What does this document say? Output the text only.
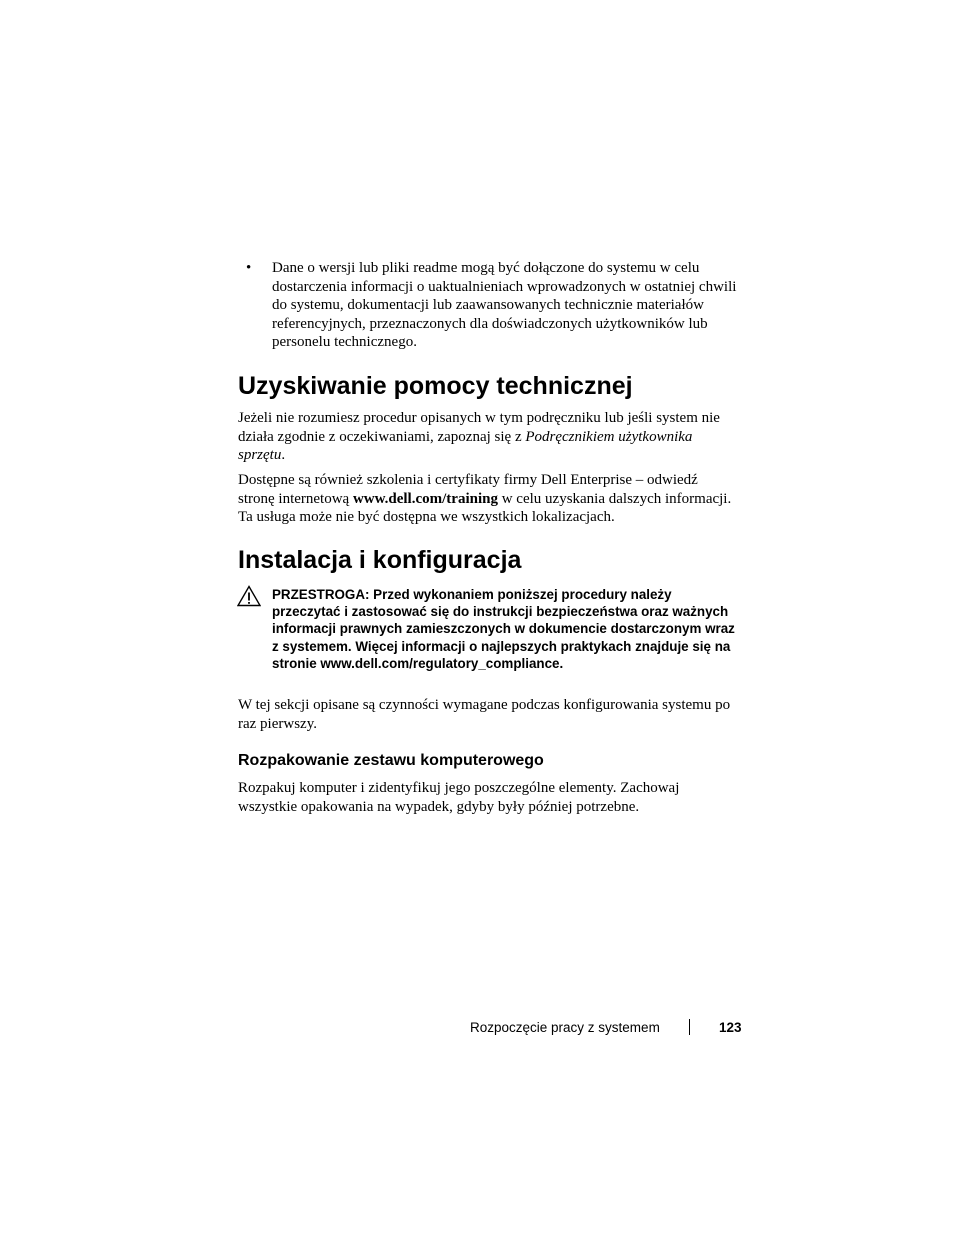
• Dane o wersji lub pliki readme mogą być dołączone do systemu w celu dostarczenia informacji o uaktualnieniach wprowadzonych w ostatniej chwili do systemu, dokumentacji lub zaawansowanych technicznie materiałów referencyjnych, przeznaczonych dla doświadczonych użytkowników lub personelu technicznego.
Uzyskiwanie pomocy technicznej

Jeżeli nie rozumiesz procedur opisanych w tym podręczniku lub jeśli system nie działa zgodnie z oczekiwaniami, zapoznaj się z Podręcznikiem użytkownika sprzętu.

Dostępne są również szkolenia i certyfikaty firmy Dell Enterprise – odwiedź stronę internetową www.dell.com/training w celu uzyskania dalszych informacji. Ta usługa może nie być dostępna we wszystkich lokalizacjach.

Instalacja i konfiguracja

PRZESTROGA: Przed wykonaniem poniższej procedury należy przeczytać i zastosować się do instrukcji bezpieczeństwa oraz ważnych informacji prawnych zamieszczonych w dokumencie dostarczonym wraz z systemem. Więcej informacji o najlepszych praktykach znajduje się na stronie www.dell.com/regulatory_compliance.

W tej sekcji opisane są czynności wymagane podczas konfigurowania systemu po raz pierwszy.

Rozpakowanie zestawu komputerowego

Rozpakuj komputer i zidentyfikuj jego poszczególne elementy. Zachowaj wszystkie opakowania na wypadek, gdyby były później potrzebne.

Rozpoczęcie pracy z systemem	123
